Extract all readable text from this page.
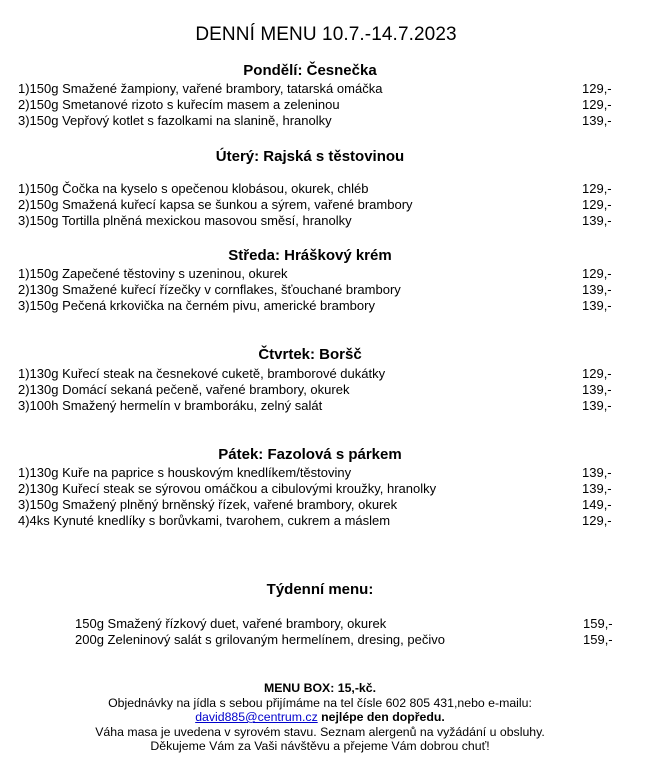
DENNÍ MENU 10.7.-14.7.2023
Pondělí: Česnečka
1)150g Smažené žampiony, vařené brambory, tatarská omáčka	129,-
2)150g Smetanové rizoto s kuřecím masem a zeleninou	129,-
3)150g Vepřový kotlet s fazolkami na slanině, hranolky	139,-
Úterý: Rajská s těstovinou
1)150g Čočka na kyselo s opečenou klobásou, okurek, chléb	129,-
2)150g Smažená kuřecí kapsa se šunkou a sýrem, vařené brambory	129,-
3)150g Tortilla plněná mexickou masovou směsí, hranolky	139,-
Středa: Hráškový krém
1)150g Zapečené těstoviny s uzeninou, okurek	129,-
2)130g Smažené kuřecí řízečky v cornflakes, šťouchané brambory	139,-
3)150g Pečená krkovička na černém pivu, americké brambory	139,-
Čtvrtek: Boršč
1)130g Kuřecí steak na česnekové cuketě, bramborové dukátky	129,-
2)130g Domácí sekaná pečeně, vařené brambory, okurek	139,-
3)100h Smažený hermelín v bramboráku, zelný salát	139,-
Pátek: Fazolová s párkem
1)130g Kuře na paprice s houskovým knedlíkem/těstoviny	139,-
2)130g Kuřecí steak se sýrovou omáčkou a cibulovými kroužky, hranolky	139,-
3)150g Smažený plněný brněnský řízek, vařené brambory, okurek	149,-
4)4ks Kynuté knedlíky s borůvkami, tvarohem, cukrem a máslem	129,-
Týdenní menu:
150g Smažený řízkový duet, vařené brambory, okurek	159,-
200g Zeleninový salát s grilovaným hermelínem, dresing, pečivo	159,-
MENU BOX: 15,-kč.
Objednávky na jídla s sebou přijímáme na tel čísle 602 805 431,nebo e-mailu:
david885@centrum.cz nejlépe den dopředu.
Váha masa je uvedena v syrovém stavu. Seznam alergenů na vyžádání u obsluhy.
Děkujeme Vám za Vaši návštěvu a přejeme Vám dobrou chuť!
